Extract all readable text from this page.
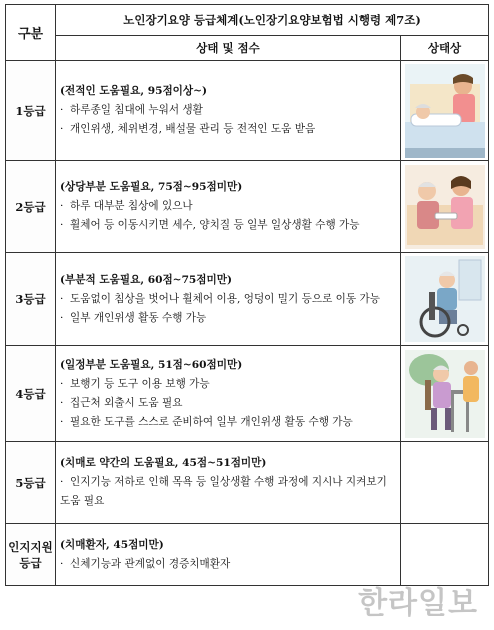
구분	노인장기요양 등급체계(노인장기요양보험법 시행령 제7조)	
	상태 및 점수	상태상
1등급	(전적인 도움필요, 95점이상~)
· 하루종일 침대에 누워서 생활
· 개인위생, 체위변경, 배설물 관리 등 전적인 도움 받음

2등급	(상당부분 도움필요, 75점~95점미만)
· 하루 대부분 침상에 있으나
· 휠체어 등 이동시키면 세수, 양치질 등 일부 일상생활 수행 가능

3등급	(부분적 도움필요, 60점~75점미만)
· 도움없이 침상을 벗어나 휠체어 이용, 엉덩이 밀기 등으로 이동 가능
· 일부 개인위생 활동 수행 가능

4등급	(일정부분 도움필요, 51점~60점미만)
· 보행기 등 도구 이용 보행 가능
· 집근처 외출시 도움 필요
· 필요한 도구를 스스로 준비하여 일부 개인위생 활동 수행 가능

5등급	(치매로 약간의 도움필요, 45점~51점미만)
· 인지기능 저하로 인해 목욕 등 일상생활 수행 과정에 지시나 지켜보기 도움 필요	

인지지원등급	(치매환자, 45점미만)
· 신체기능과 관계없이 경증치매환자	

한라일보
